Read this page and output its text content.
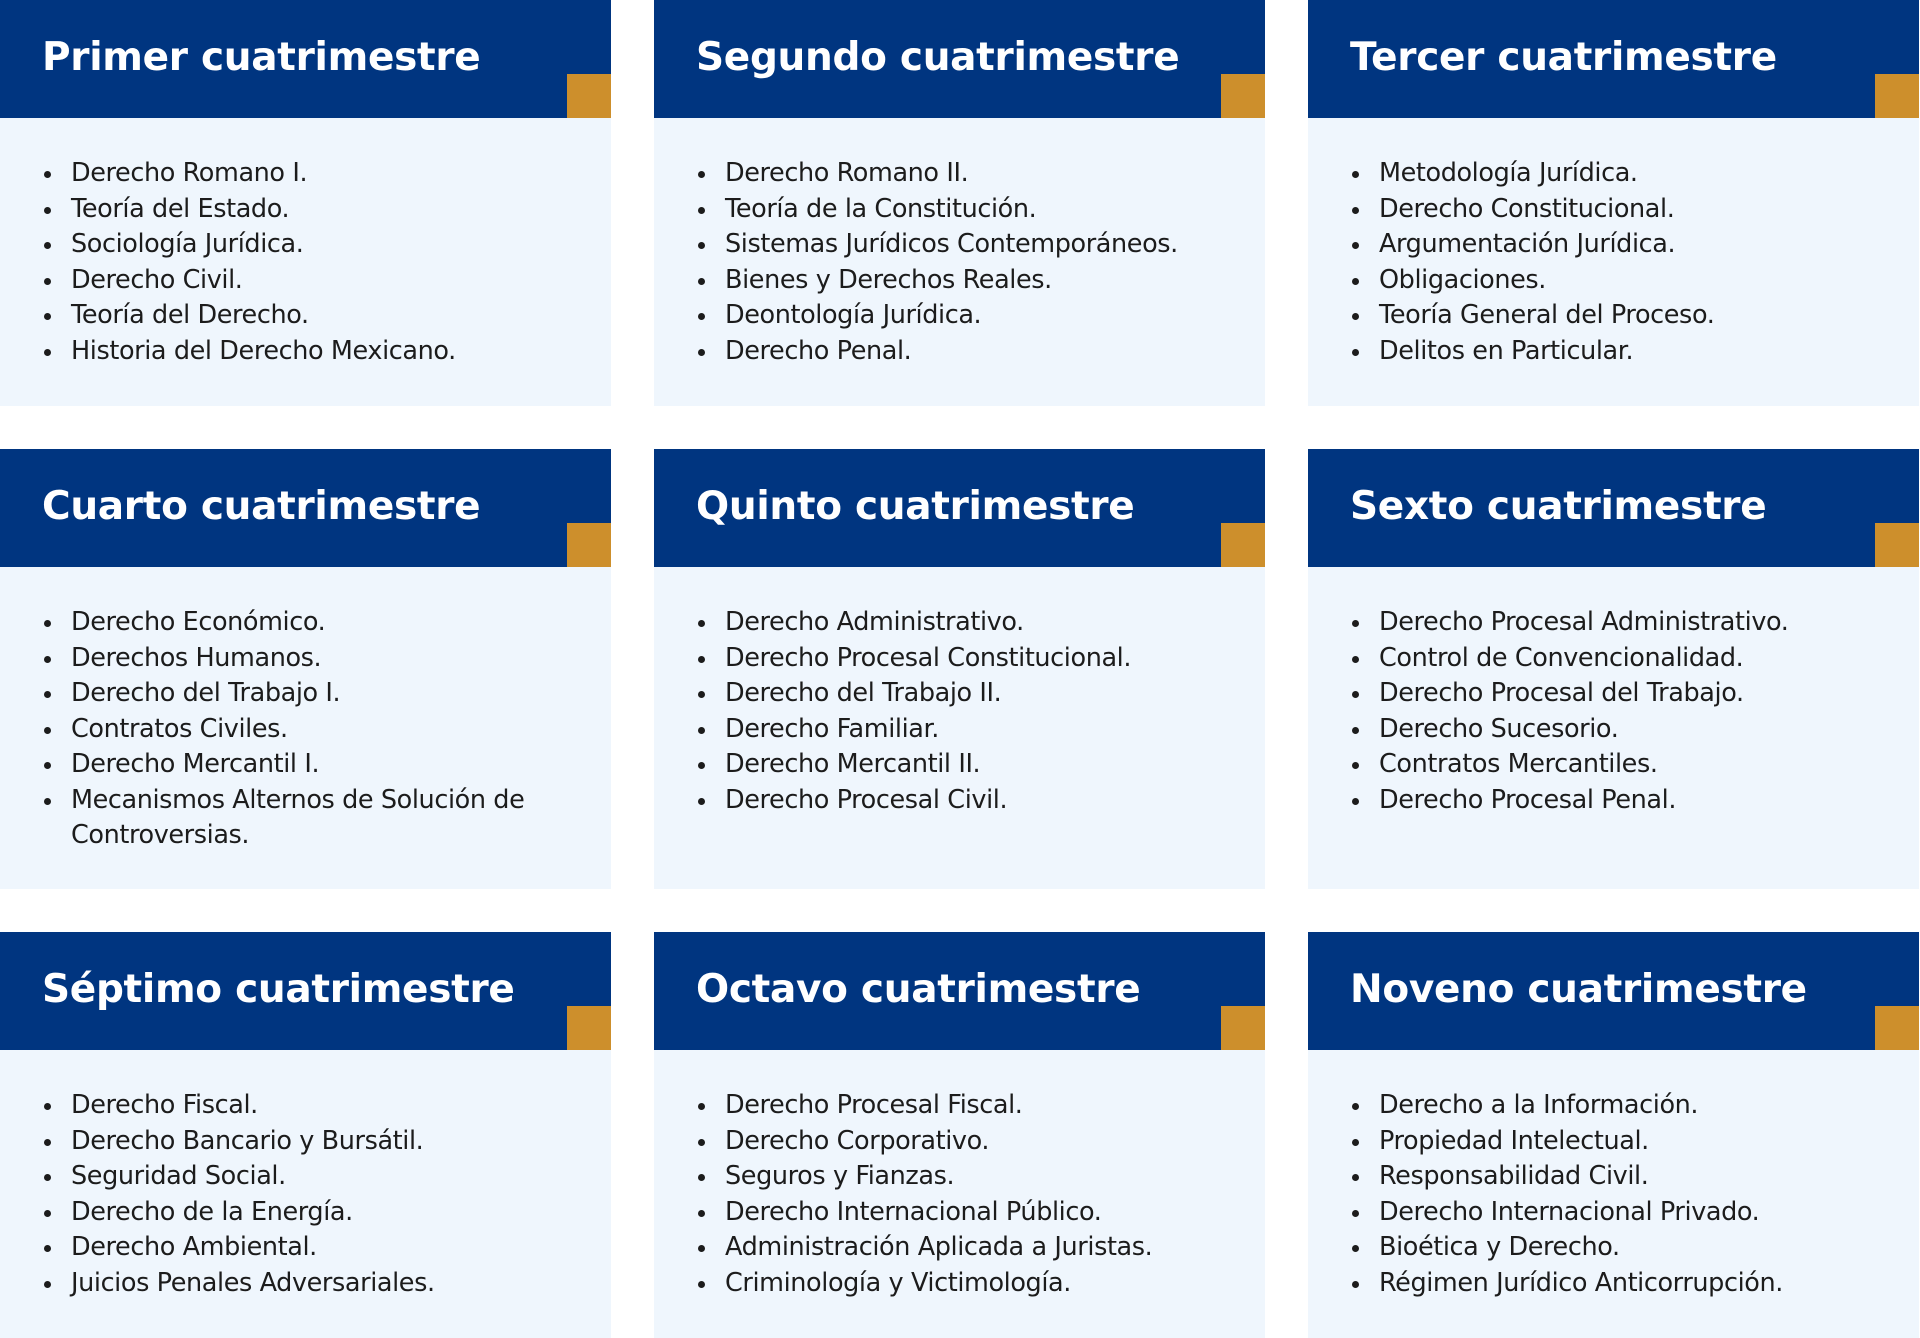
Primer cuatrimestre
Derecho Romano I.
Teoría del Estado.
Sociología Jurídica.
Derecho Civil.
Teoría del Derecho.
Historia del Derecho Mexicano.
Segundo cuatrimestre
Derecho Romano II.
Teoría de la Constitución.
Sistemas Jurídicos Contemporáneos.
Bienes y Derechos Reales.
Deontología Jurídica.
Derecho Penal.
Tercer cuatrimestre
Metodología Jurídica.
Derecho Constitucional.
Argumentación Jurídica.
Obligaciones.
Teoría General del Proceso.
Delitos en Particular.
Cuarto cuatrimestre
Derecho Económico.
Derechos Humanos.
Derecho del Trabajo I.
Contratos Civiles.
Derecho Mercantil I.
Mecanismos Alternos de Solución de Controversias.
Quinto cuatrimestre
Derecho Administrativo.
Derecho Procesal Constitucional.
Derecho del Trabajo II.
Derecho Familiar.
Derecho Mercantil II.
Derecho Procesal Civil.
Sexto cuatrimestre
Derecho Procesal Administrativo.
Control de Convencionalidad.
Derecho Procesal del Trabajo.
Derecho Sucesorio.
Contratos Mercantiles.
Derecho Procesal Penal.
Séptimo cuatrimestre
Derecho Fiscal.
Derecho Bancario y Bursátil.
Seguridad Social.
Derecho de la Energía.
Derecho Ambiental.
Juicios Penales Adversariales.
Octavo cuatrimestre
Derecho Procesal Fiscal.
Derecho Corporativo.
Seguros y Fianzas.
Derecho Internacional Público.
Administración Aplicada a Juristas.
Criminología y Victimología.
Noveno cuatrimestre
Derecho a la Información.
Propiedad Intelectual.
Responsabilidad Civil.
Derecho Internacional Privado.
Bioética y Derecho.
Régimen Jurídico Anticorrupción.
